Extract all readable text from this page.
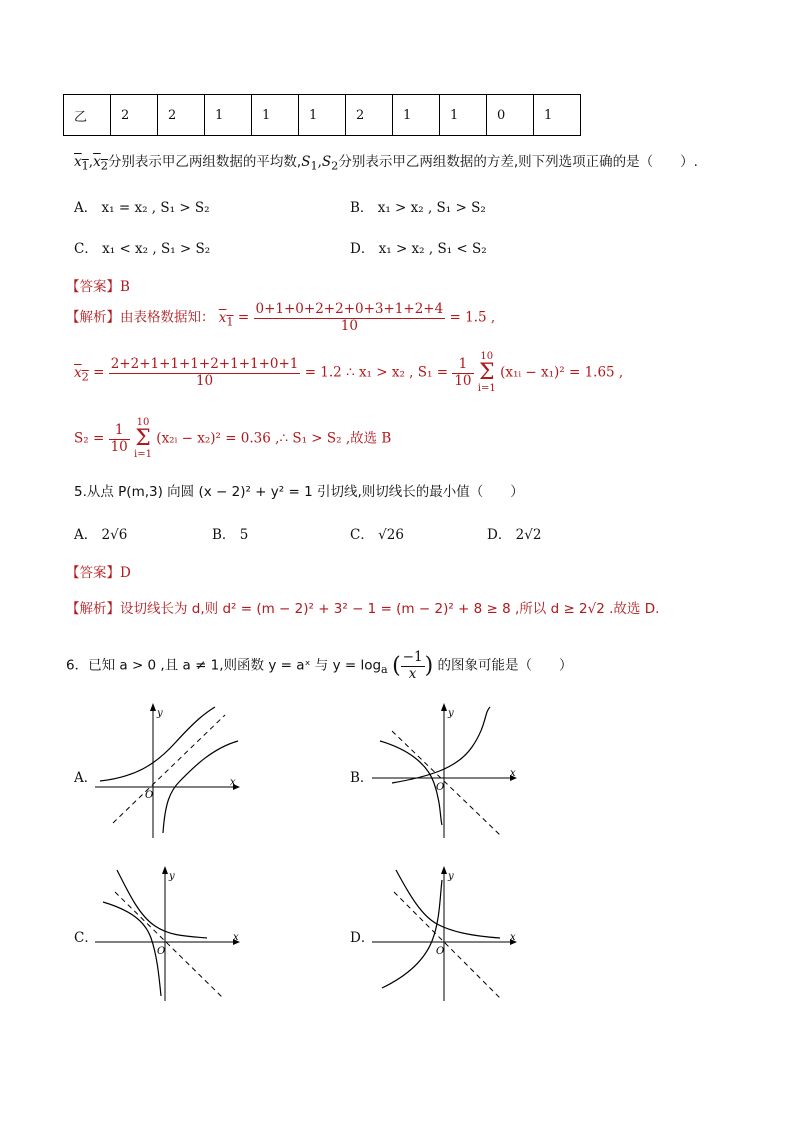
乙	2	2	1	1	1	2	1	1	0	1
$x_1,x_2$分别表示甲乙两组数据的平均数$,S_1,S_2$分别表示甲乙两组数据的方差,则下列选项正确的是（　　）.
A． x₁ = x₂ , S₁ > S₂	B． x₁ > x₂ , S₁ > S₂
C． x₁ < x₂ , S₁ > S₂	D． x₁ > x₂ , S₁ < S₂
【答案】B
【解析】由表格数据知： $x_1 = \frac{0+1+0+2+2+0+3+1+2+4}{10} = 1.5$ ,
$x_2 = \frac{2+2+1+1+1+2+1+1+0+1}{10} = 1.2$ ∴ x₁ > x₂ , $S_1 = \frac{1}{10}$
10
Σ
i=1 (x₁ᵢ − x₁)² = 1.65 ,
$S_2 = \frac{1}{10}$
10
Σ
i=1 (x₂ᵢ − x₂)² = 0.36 ,∴ S₁ > S₂ ,故选 B
5.从点 P(m,3) 向圆 (x − 2)² + y² = 1 引切线,则切线长的最小值（　　）
A． 2√6	B． 5	C． √26	D． 2√2
【答案】D
【解析】设切线长为 d,则 d² = (m − 2)² + 3² − 1 = (m − 2)² + 8 ≥ 8 ,所以 d ≥ 2√2 .故选 D.
6．已知 a > 0 ,且 a ≠ 1,则函数 y = aˣ 与 $y = \log_a$ ( $\frac{-1}{x}$ ) 的图象可能是（　　）
A．	B．
C．	D．
y
x
O
y
x
O
y
x
O
y
x
O
